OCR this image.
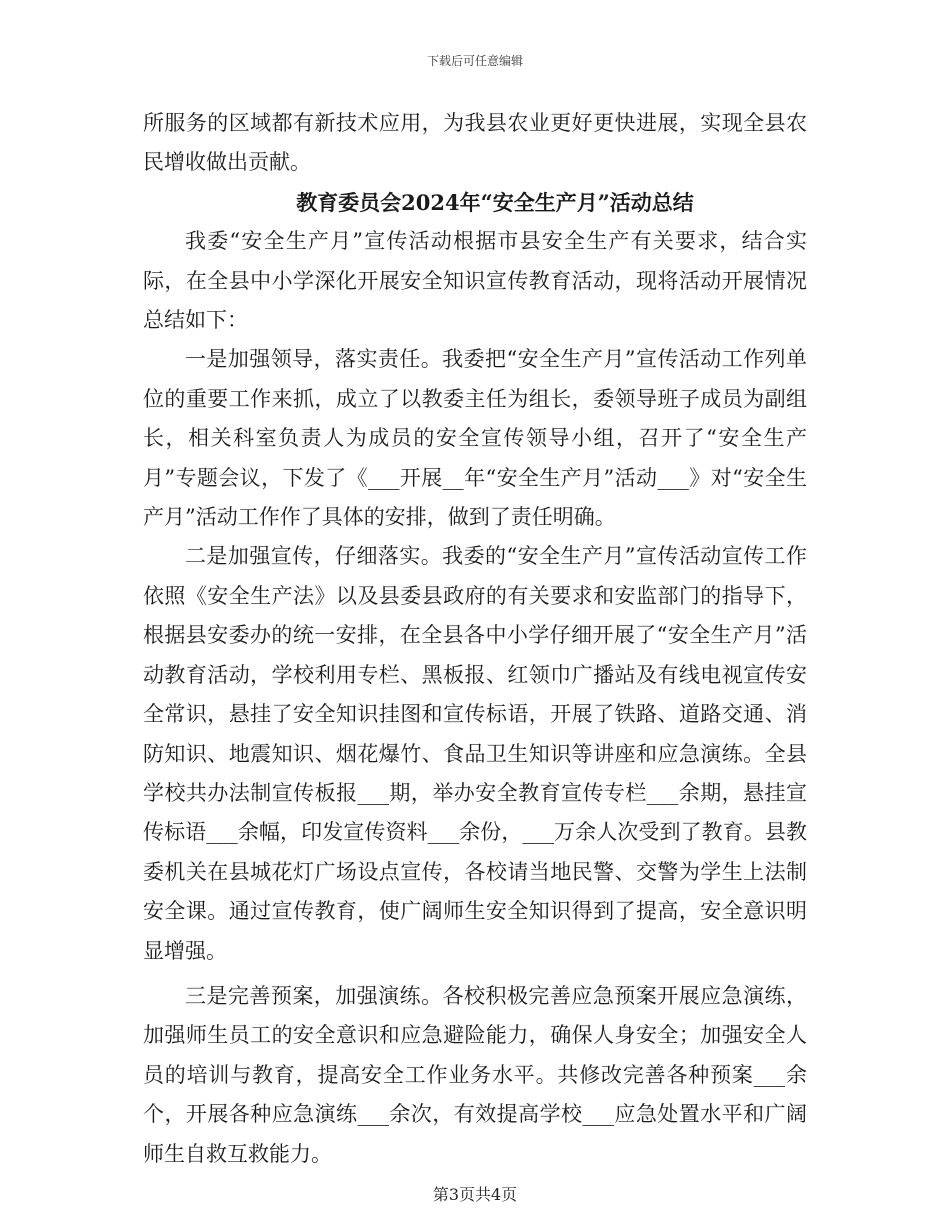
下载后可任意编辑

所服务的区域都有新技术应用，为我县农业更好更快进展，实现全县农民增收做出贡献。

教育委员会2024年“安全生产月”活动总结

我委“安全生产月”宣传活动根据市县安全生产有关要求，结合实际，在全县中小学深化开展安全知识宣传教育活动，现将活动开展情况总结如下：

一是加强领导，落实责任。我委把“安全生产月”宣传活动工作列单位的重要工作来抓，成立了以教委主任为组长，委领导班子成员为副组长，相关科室负责人为成员的安全宣传领导小组，召开了“安全生产月”专题会议，下发了《___开展__年“安全生产月”活动___》对“安全生产月”活动工作作了具体的安排，做到了责任明确。

二是加强宣传，仔细落实。我委的“安全生产月”宣传活动宣传工作依照《安全生产法》以及县委县政府的有关要求和安监部门的指导下，根据县安委办的统一安排，在全县各中小学仔细开展了“安全生产月”活动教育活动，学校利用专栏、黑板报、红领巾广播站及有线电视宣传安全常识，悬挂了安全知识挂图和宣传标语，开展了铁路、道路交通、消防知识、地震知识、烟花爆竹、食品卫生知识等讲座和应急演练。全县学校共办法制宣传板报___期，举办安全教育宣传专栏___余期，悬挂宣传标语___余幅，印发宣传资料___余份，___万余人次受到了教育。县教委机关在县城花灯广场设点宣传，各校请当地民警、交警为学生上法制安全课。通过宣传教育，使广阔师生安全知识得到了提高，安全意识明显增强。

三是完善预案，加强演练。各校积极完善应急预案开展应急演练，加强师生员工的安全意识和应急避险能力，确保人身安全；加强安全人员的培训与教育，提高安全工作业务水平。共修改完善各种预案___余个，开展各种应急演练___余次，有效提高学校___应急处置水平和广阔师生自救互救能力。

第3页共4页
